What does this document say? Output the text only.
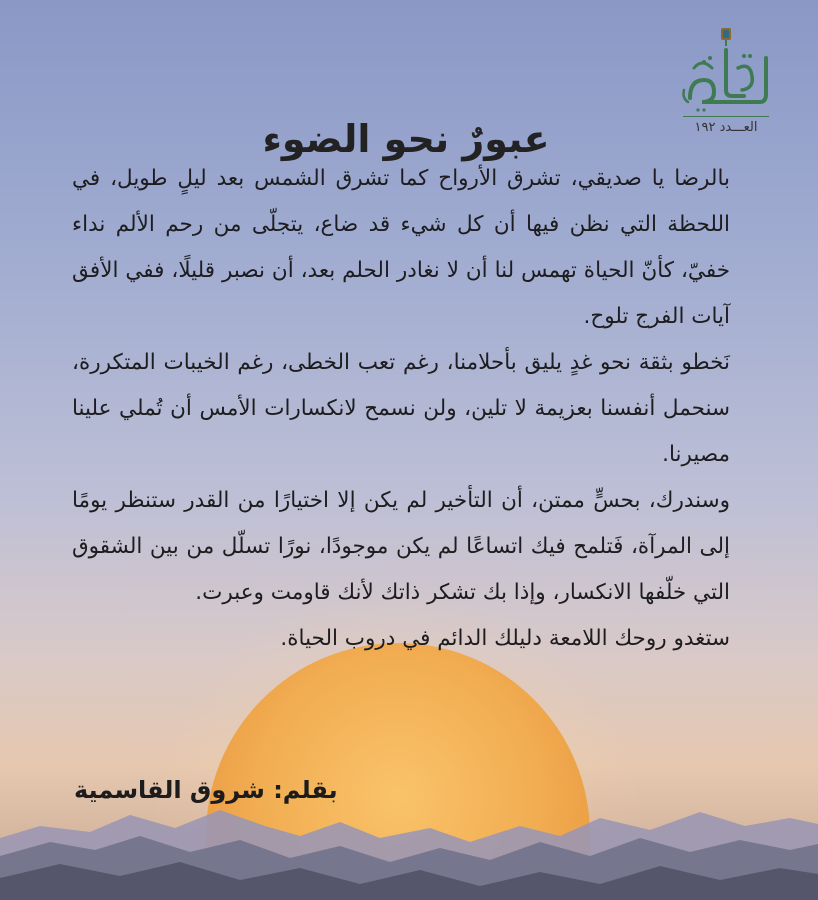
العـــدد ١٩٢
عبورٌ نحو الضوء

بالرضا يا صديقي، تشرق الأرواح كما تشرق الشمس بعد ليلٍ طويل، في اللحظة التي نظن فيها أن كل شيء قد ضاع، يتجلّى من رحم الألم نداء خفيّ، كأنّ الحياة تهمس لنا أن لا نغادر الحلم بعد، أن نصبر قليلًا، ففي الأفق آيات الفرج تلوح.

نَخطو بثقة نحو غدٍ يليق بأحلامنا، رغم تعب الخطى، رغم الخيبات المتكررة، سنحمل أنفسنا بعزيمة لا تلين، ولن نسمح لانكسارات الأمس أن تُملي علينا مصيرنا.

وسندرك، بحسٍّ ممتن، أن التأخير لم يكن إلا اختيارًا من القدر ستنظر يومًا إلى المرآة، فَتلمح فيك اتساعًا لم يكن موجودًا، نورًا تسلّل من بين الشقوق التي خلّفها الانكسار، وإذا بك تشكر ذاتك لأنك قاومت وعبرت.

ستغدو روحك اللامعة دليلك الدائم في دروب الحياة.

بقلم: شروق القاسمية
